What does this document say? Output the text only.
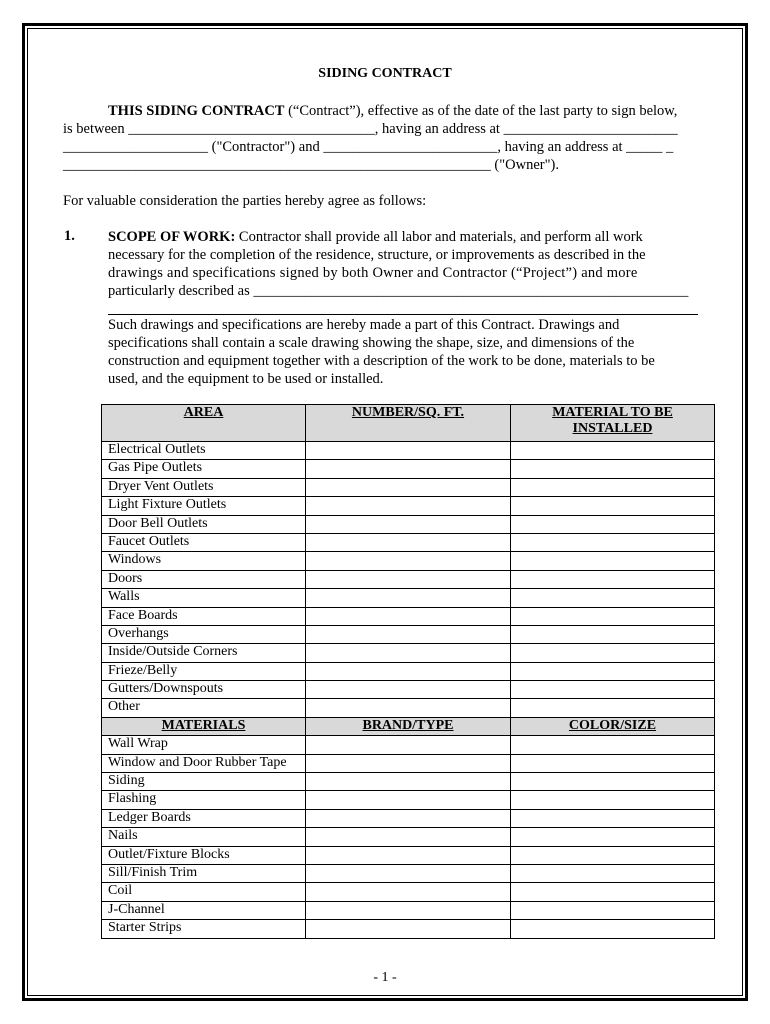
SIDING CONTRACT
THIS SIDING CONTRACT (“Contract”), effective as of the date of the last party to sign below,
is between __________________________________, having an address at ________________________
____________________ ("Contractor") and ________________________, having an address at _____ _
___________________________________________________________ ("Owner").
For valuable consideration the parties hereby agree as follows:
1. SCOPE OF WORK: Contractor shall provide all labor and materials, and perform all work
necessary for the completion of the residence, structure, or improvements as described in the
drawings and specifications signed by both Owner and Contractor (“Project”) and more
particularly described as ____________________________________________________________
Such drawings and specifications are hereby made a part of this Contract. Drawings and
specifications shall contain a scale drawing showing the shape, size, and dimensions of the
construction and equipment together with a description of the work to be done, materials to be
used, and the equipment to be used or installed.
AREA	NUMBER/SQ. FT.	MATERIAL TO BE INSTALLED
Electrical Outlets		
Gas Pipe Outlets		
Dryer Vent Outlets		
Light Fixture Outlets		
Door Bell Outlets		
Faucet Outlets		
Windows		
Doors		
Walls		
Face Boards		
Overhangs		
Inside/Outside Corners		
Frieze/Belly		
Gutters/Downspouts		
Other		
MATERIALS	BRAND/TYPE	COLOR/SIZE
Wall Wrap		
Window and Door Rubber Tape		
Siding		
Flashing		
Ledger Boards		
Nails		
Outlet/Fixture Blocks		
Sill/Finish Trim		
Coil		
J-Channel		
Starter Strips		
- 1 -
